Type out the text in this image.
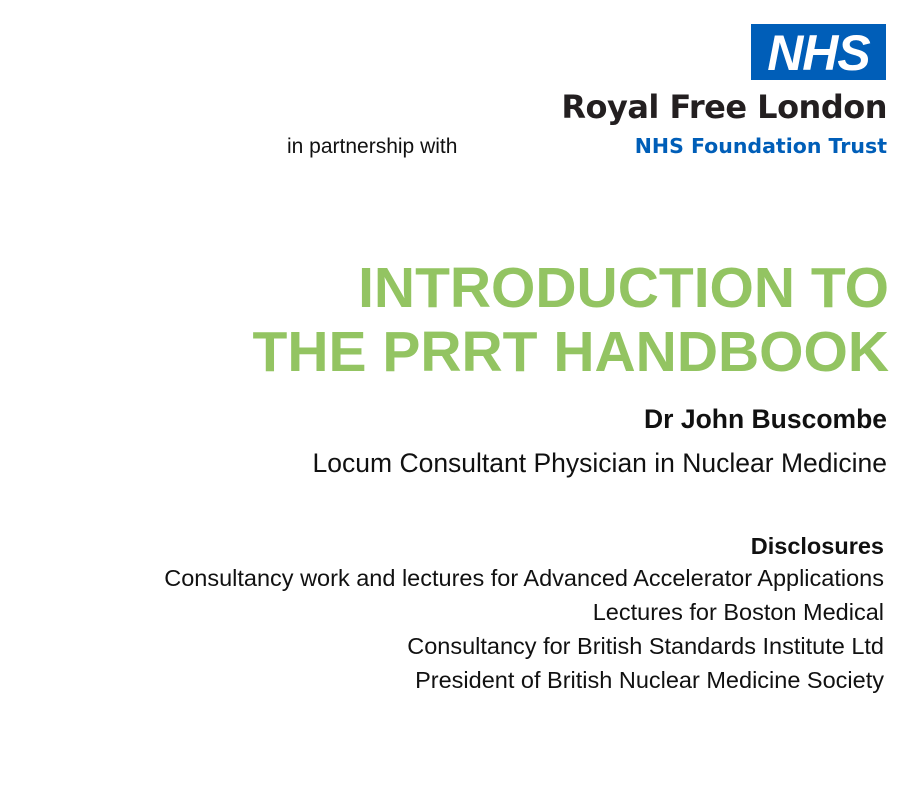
NHS
Royal Free London
NHS Foundation Trust
in partnership with
INTRODUCTION TO
THE PRRT HANDBOOK
Dr John Buscombe
Locum Consultant Physician in Nuclear Medicine
Disclosures
Consultancy work and lectures for Advanced Accelerator Applications
Lectures for Boston Medical
Consultancy for British Standards Institute Ltd
President of British Nuclear Medicine Society
